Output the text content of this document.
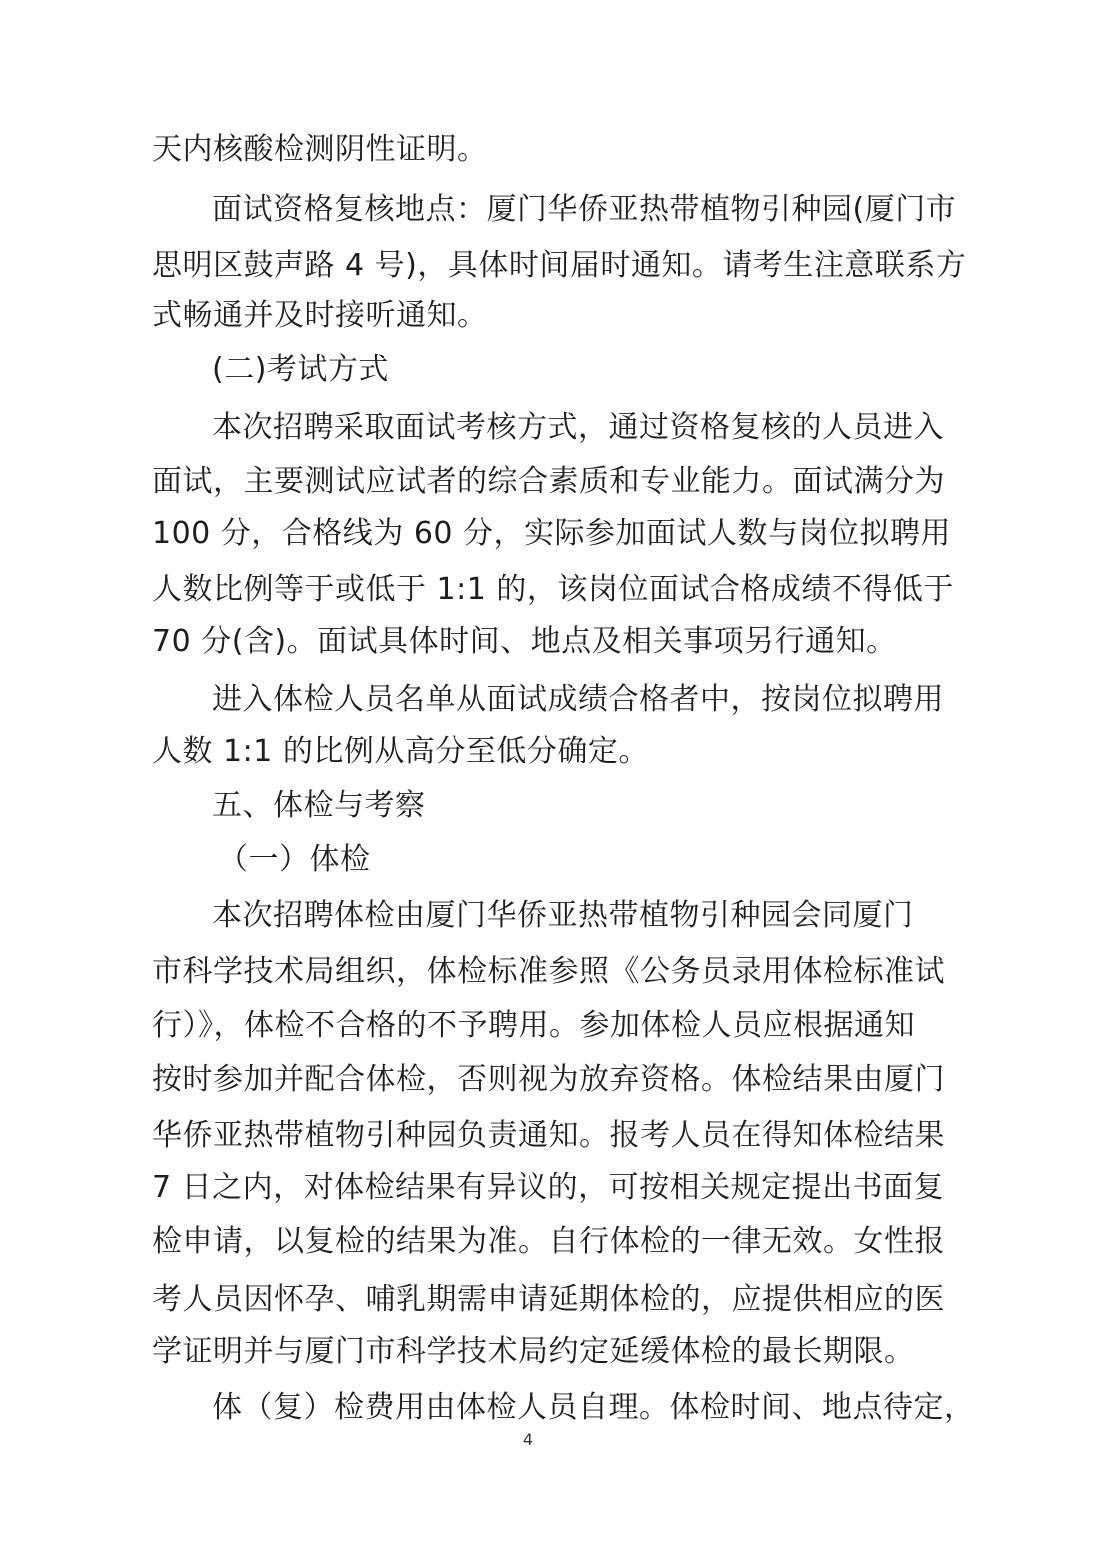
天内核酸检测阴性证明。
面试资格复核地点：厦门华侨亚热带植物引种园(厦门市
思明区鼓声路 4 号)，具体时间届时通知。请考生注意联系方
式畅通并及时接听通知。
(二)考试方式
本次招聘采取面试考核方式，通过资格复核的人员进入
面试，主要测试应试者的综合素质和专业能力。面试满分为
100 分，合格线为 60 分，实际参加面试人数与岗位拟聘用
人数比例等于或低于 1:1 的，该岗位面试合格成绩不得低于
70 分(含)。面试具体时间、地点及相关事项另行通知。
进入体检人员名单从面试成绩合格者中，按岗位拟聘用
人数 1:1 的比例从高分至低分确定。
五、体检与考察
（一）体检
本次招聘体检由厦门华侨亚热带植物引种园会同厦门
市科学技术局组织，体检标准参照《公务员录用体检标准试
行）》，体检不合格的不予聘用。参加体检人员应根据通知
按时参加并配合体检，否则视为放弃资格。体检结果由厦门
华侨亚热带植物引种园负责通知。报考人员在得知体检结果
7 日之内，对体检结果有异议的，可按相关规定提出书面复
检申请，以复检的结果为准。自行体检的一律无效。女性报
考人员因怀孕、哺乳期需申请延期体检的，应提供相应的医
学证明并与厦门市科学技术局约定延缓体检的最长期限。
体（复）检费用由体检人员自理。体检时间、地点待定，
4
